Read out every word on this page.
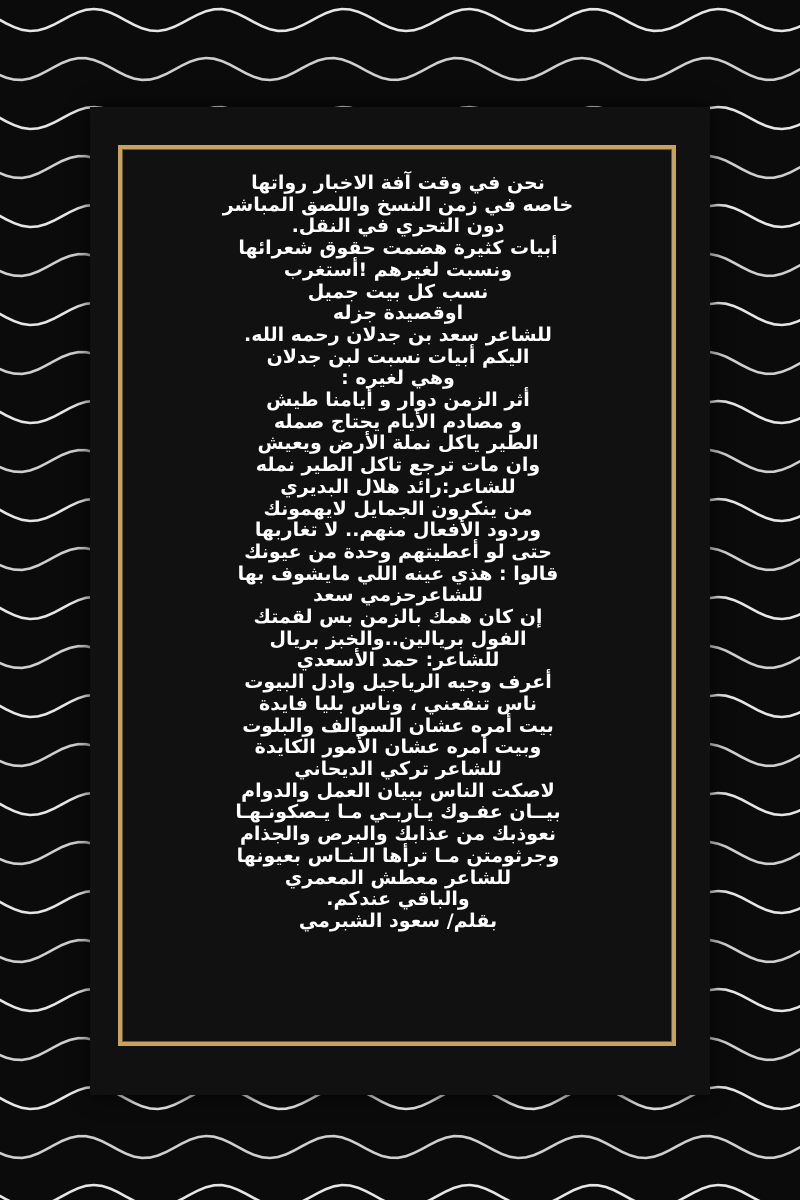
نحن في وقت آفة الاخبار رواتها
خاصه في زمن النسخ واللصق المباشر
دون التحري في النقل.
أبيات كثيرة هضمت حقوق شعرائها
ونسبت لغيرهم !أستغرب
نسب كل بيت جميل
اوقصيدة جزله
للشاعر سعد بن جدلان رحمه الله.
اليكم أبيات نسبت لبن جدلان
وهي لغيره :
أثر الزمن دوار و أيامنا طيش
و مصادم الأيام يحتاج صمله
الطير ياكل نملة الأرض ويعيش
وان مات ترجع تاكل الطير نمله
للشاعر:رائد هلال البديري
من ينكرون الجمايل لايهمونك
وردود الأفعال منهم.. لا تغاربها
حتى لو أعطيتهم وحدة من عيونك
قالوا : هذي عينه اللي مايشوف بها
للشاعرحزمي سعد
إن كان همك بالزمن بس لقمتك
الفول بريالين..والخبز بريال
للشاعر: حمد الأسعدي
أعرف وجيه الرياجيل وادل البيوت
ناس تنفعني ، وناس بليا فايدة
بيت أمره عشان السوالف والبلوت
وبيت أمره عشان الأمور الكايدة
للشاعر تركي الديحاني
لاصكت الناس ببيان العمل والدوام
بيــان عفـوك يـاربـي مـا يـصكونـهـا
نعوذبك من عذابك والبرص والجذام
وجرثومتن مـا ترأها الـنـاس بعيونها
للشاعر معطش المعمري
والباقي عندكم.
بقلم/ سعود الشبرمي
